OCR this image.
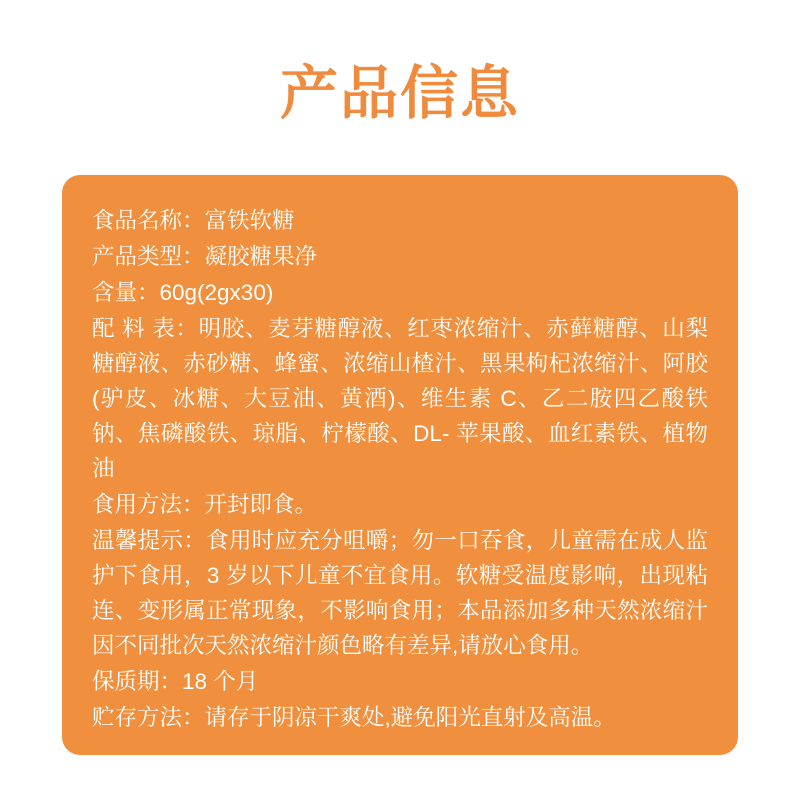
产品信息
食品名称：富铁软糖
产品类型：凝胶糖果净
含量：60g(2gx30)
配 料 表：明胶、麦芽糖醇液、红枣浓缩汁、赤藓糖醇、山梨糖醇液、赤砂糖、蜂蜜、浓缩山楂汁、黑果枸杞浓缩汁、阿胶(驴皮、冰糖、大豆油、黄酒)、维生素 C、乙二胺四乙酸铁钠、焦磷酸铁、琼脂、柠檬酸、DL- 苹果酸、血红素铁、植物油
食用方法：开封即食。
温馨提示：食用时应充分咀嚼；勿一口吞食，儿童需在成人监护下食用，3 岁以下儿童不宜食用。软糖受温度影响，出现粘连、变形属正常现象，不影响食用；本品添加多种天然浓缩汁因不同批次天然浓缩汁颜色略有差异,请放心食用。
保质期：18 个月
贮存方法：请存于阴凉干爽处,避免阳光直射及高温。
